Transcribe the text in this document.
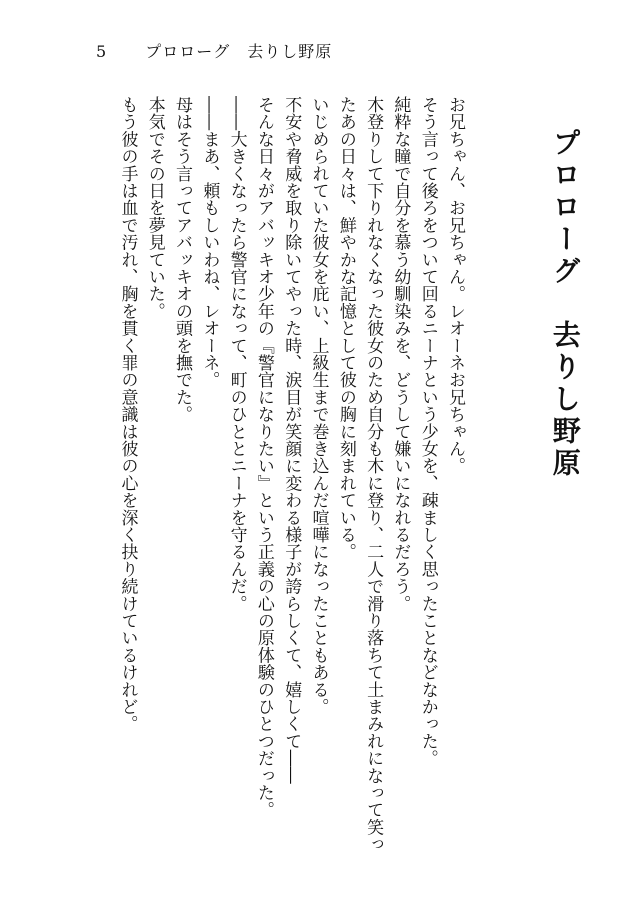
5 プロローグ　去りし野原
プロローグ　去りし野原

お兄ちゃん、お兄ちゃん。レオーネお兄ちゃん。

そう言って後ろをついて回るニーナという少女を、疎ましく思ったことなどなかった。

純粋な瞳で自分を慕う幼馴染みを、どうして嫌いになれるだろう。

木登りして下りれなくなった彼女のため自分も木に登り、二人で滑り落ちて土まみれになって笑ったあの日々は、鮮やかな記憶として彼の胸に刻まれている。

いじめられていた彼女を庇い、上級生まで巻き込んだ喧嘩になったこともある。

不安や脅威を取り除いてやった時、涙目が笑顔に変わる様子が誇らしくて、嬉しくて――

そんな日々がアバッキオ少年の『警官になりたい』という正義の心の原体験のひとつだった。

――大きくなったら警官になって、町のひととニーナを守るんだ。

――まあ、頼もしいわね、レオーネ。

母はそう言ってアバッキオの頭を撫でた。

本気でその日を夢見ていた。

もう彼の手は血で汚れ、胸を貫く罪の意識は彼の心を深く抉り続けているけれど。
